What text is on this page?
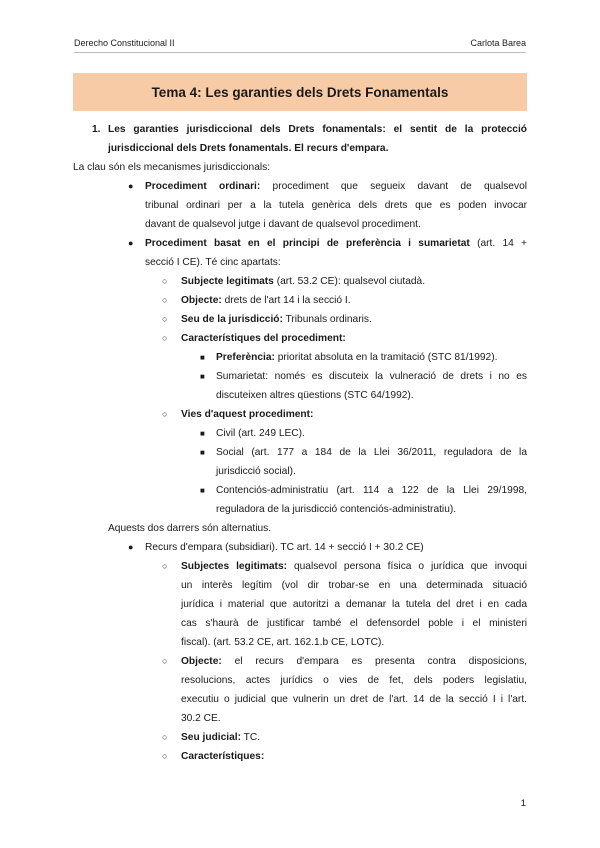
Derecho Constitucional II	Carlota Barea
Tema 4: Les garanties dels Drets Fonamentals
1. Les garanties jurisdiccional dels Drets fonamentals: el sentit de la protecció
jurisdiccional dels Drets fonamentals. El recurs d'empara.
La clau són els mecanismes jurisdiccionals:
● Procediment ordinari: procediment que segueix davant de qualsevol
tribunal ordinari per a la tutela genèrica dels drets que es poden invocar
davant de qualsevol jutge i davant de qualsevol procediment.
● Procediment basat en el principi de preferència i sumarietat (art. 14 +
secció I CE). Té cinc apartats:
○ Subjecte legitimats (art. 53.2 CE): qualsevol ciutadà.
○ Objecte: drets de l'art 14 i la secció I.
○ Seu de la jurisdicció: Tribunals ordinaris.
○ Característiques del procediment:
■ Preferència: prioritat absoluta en la tramitació (STC 81/1992).
■ Sumarietat: només es discuteix la vulneració de drets i no es
discuteixen altres qüestions (STC 64/1992).
○ Vies d'aquest procediment:
■ Civil (art. 249 LEC).
■ Social (art. 177 a 184 de la Llei 36/2011, reguladora de la
jurisdicció social).
■ Contenciós-administratiu (art. 114 a 122 de la Llei 29/1998,
reguladora de la jurisdicció contenciós-administratiu).
Aquests dos darrers són alternatius.
● Recurs d'empara (subsidiari). TC art. 14 + secció I + 30.2 CE)
○ Subjectes legitimats: qualsevol persona física o jurídica que invoqui
un interès legítim (vol dir trobar-se en una determinada situació
jurídica i material que autoritzi a demanar la tutela del dret i en cada
cas s'haurà de justificar també el defensordel poble i el ministeri
fiscal). (art. 53.2 CE, art. 162.1.b CE, LOTC).
○ Objecte: el recurs d'empara es presenta contra disposicions,
resolucions, actes jurídics o vies de fet, dels poders legislatiu,
executiu o judicial que vulnerin un dret de l'art. 14 de la secció I i l'art.
30.2 CE.
○ Seu judicial: TC.
○ Característiques:
1
